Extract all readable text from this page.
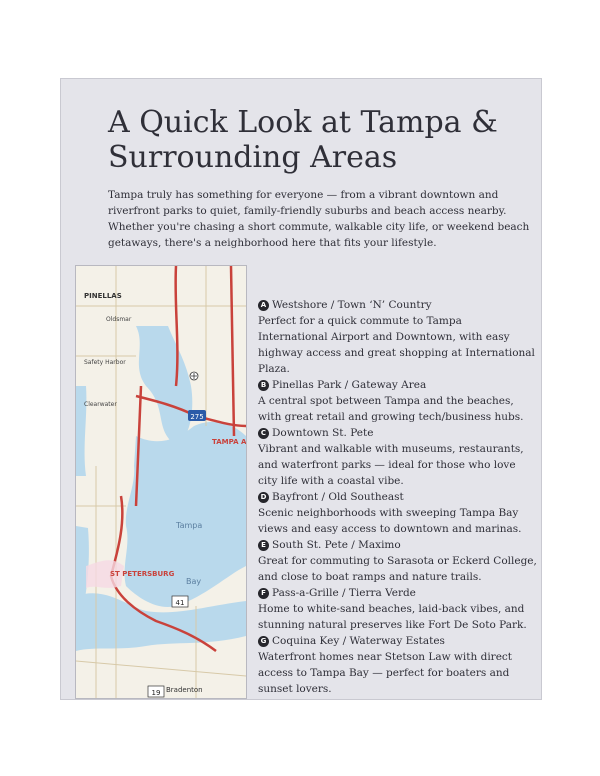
A Quick Look at Tampa &
Surrounding Areas
Tampa truly has something for everyone — from a vibrant downtown and
riverfront parks to quiet, family-friendly suburbs and beach access nearby.
Whether you're chasing a short commute, walkable city life, or weekend beach
getaways, there's a neighborhood here that fits your lifestyle.
275
41
19
PINELLAS
Oldsmar
Safety Harbor
Clearwater
TAMPA A
Tampa
Bay
ST PETERSBURG
Bradenton
A Westshore / Town ‘N’ Country
Perfect for a quick commute to Tampa
International Airport and Downtown, with easy
highway access and great shopping at International
Plaza.
B Pinellas Park / Gateway Area
A central spot between Tampa and the beaches,
with great retail and growing tech/business hubs.
C Downtown St. Pete
Vibrant and walkable with museums, restaurants,
and waterfront parks — ideal for those who love
city life with a coastal vibe.
D Bayfront / Old Southeast
Scenic neighborhoods with sweeping Tampa Bay
views and easy access to downtown and marinas.
E South St. Pete / Maximo
Great for commuting to Sarasota or Eckerd College,
and close to boat ramps and nature trails.
F Pass-a-Grille / Tierra Verde
Home to white-sand beaches, laid-back vibes, and
stunning natural preserves like Fort De Soto Park.
G Coquina Key / Waterway Estates
Waterfront homes near Stetson Law with direct
access to Tampa Bay — perfect for boaters and
sunset lovers.
